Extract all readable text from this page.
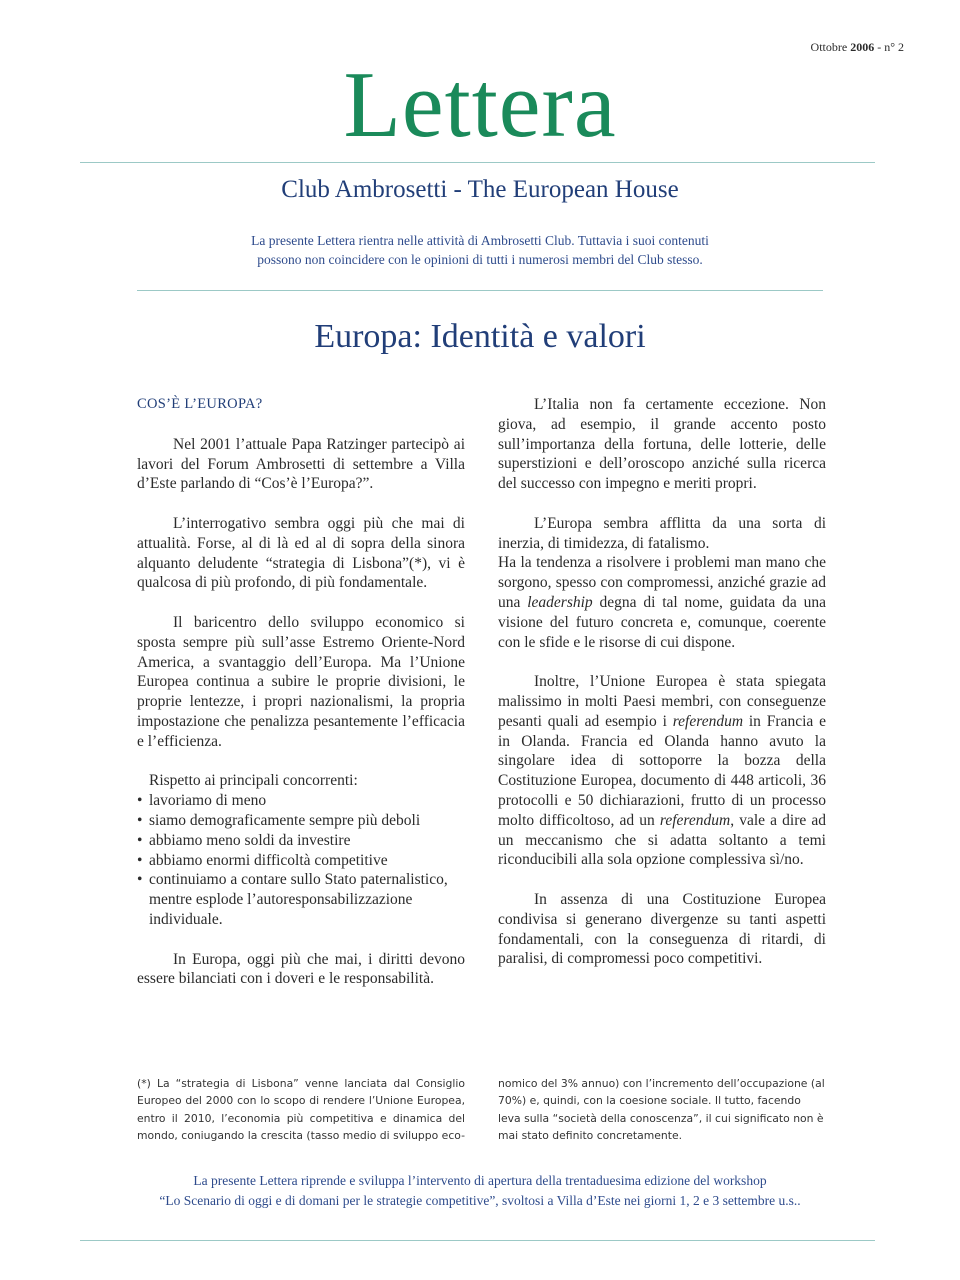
Ottobre 2006 - n° 2
Lettera
Club Ambrosetti - The European House
La presente Lettera rientra nelle attività di Ambrosetti Club. Tuttavia i suoi contenuti
possono non coincidere con le opinioni di tutti i numerosi membri del Club stesso.
Europa: Identità e valori

COS’È L’EUROPA?

Nel 2001 l’attuale Papa Ratzinger partecipò ai lavori del Forum Ambrosetti di settembre a Villa d’Este parlando di “Cos’è l’Europa?”.

L’interrogativo sembra oggi più che mai di attualità. Forse, al di là ed al di sopra della sinora alquanto deludente “strategia di Lisbona”(*), vi è qualcosa di più profondo, di più fondamentale.

Il baricentro dello sviluppo economico si sposta sempre più sull’asse Estremo Oriente-Nord America, a svantaggio dell’Europa. Ma l’Unione Europea continua a subire le proprie divisioni, le proprie lentezze, i propri nazionalismi, la propria impostazione che penalizza pesantemente l’efficacia e l’efficienza.

Rispetto ai principali concorrenti:

• lavoriamo di meno
• siamo demograficamente sempre più deboli
• abbiamo meno soldi da investire
• abbiamo enormi difficoltà competitive
• continuiamo a contare sullo Stato paternalistico, mentre esplode l’autoresponsabilizzazione individuale.

In Europa, oggi più che mai, i diritti devono essere bilanciati con i doveri e le responsabilità.

L’Italia non fa certamente eccezione. Non giova, ad esempio, il grande accento posto sull’importanza della fortuna, delle lotterie, delle superstizioni e dell’oroscopo anziché sulla ricerca del successo con impegno e meriti propri.

L’Europa sembra afflitta da una sorta di inerzia, di timidezza, di fatalismo.

Ha la tendenza a risolvere i problemi man mano che sorgono, spesso con compromessi, anziché grazie ad una leadership degna di tal nome, guidata da una visione del futuro concreta e, comunque, coerente con le sfide e le risorse di cui dispone.

Inoltre, l’Unione Europea è stata spiegata malissimo in molti Paesi membri, con conseguenze pesanti quali ad esempio i referendum in Francia e in Olanda. Francia ed Olanda hanno avuto la singolare idea di sottoporre la bozza della Costituzione Europea, documento di 448 articoli, 36 protocolli e 50 dichiarazioni, frutto di un processo molto difficoltoso, ad un referendum, vale a dire ad un meccanismo che si adatta soltanto a temi riconducibili alla sola opzione complessiva sì/no.

In assenza di una Costituzione Europea condivisa si generano divergenze su tanti aspetti fondamentali, con la conseguenza di ritardi, di paralisi, di compromessi poco competitivi.

(*) La “strategia di Lisbona” venne lanciata dal Consiglio Europeo del 2000 con lo scopo di rendere l’Unione Europea, entro il 2010, l’economia più competitiva e dinamica del mondo, coniugando la crescita (tasso medio di sviluppo eco-
nomico del 3% annuo) con l’incremento dell’occupazione (al 70%) e, quindi, con la coesione sociale. Il tutto, facendo leva sulla “società della conoscenza”, il cui significato non è mai stato definito concretamente.
La presente Lettera riprende e sviluppa l’intervento di apertura della trentaduesima edizione del workshop
“Lo Scenario di oggi e di domani per le strategie competitive”, svoltosi a Villa d’Este nei giorni 1, 2 e 3 settembre u.s..
